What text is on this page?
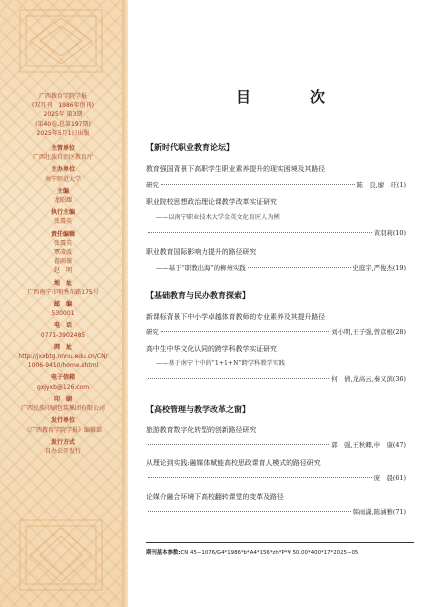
广西教育学院学报
(双月刊　1986年创刊)
2025年 第3期
(第40卷,总第197期)
2025年5月1日出版
主管单位
广西壮族自治区教育厅
主办单位
南宁师范大学
主编
龙昭耀
执行主编
张震英
责任编辑
张震英
覃凌波
翟雨薇
赵　明
地　址
广西南宁市明秀东路175号
邮　编
530001
电　话
0771-3902485
网　址
http://jxxbtg.nnnu.edu.cn/CN/
1006-9410/home.shtml
电子信箱
gxjyxb@126.com
印　刷
广西民族印刷包装集团有限公司
发行单位
《广西教育学院学报》编辑部
发行方式
自办公开发行
目　次
【新时代职业教育论坛】
教育强国背景下高职学生职业素养提升的现实困境及其路径
研究	陈　良,廖　玨(1)
职业院校思想政治理论课教学改革实证研究
——以南宁职业技术大学金英文化育匠人为例
黄羽莉(10)
职业教育国际影响力提升的路径研究
——基于“职教出海”的柳州实践	史庭宇,严俊杰(19)
【基础教育与民办教育探索】
新课标背景下中小学卓越体育教师的专业素养及其提升路径
研究	刘小明,王子强,曾彦根(28)
高中生中华文化认同的跨学科教学实证研究
——基于南宁十中的“1+1+N”跨学科教学实践
何　倩,龙高云,秦又滨(36)
【高校管理与教学改革之窗】
旅游教育数字化转型的创新路径研究
郭　强,王秋卿,申　康(47)
从理论到实践:融媒体赋能高校思政课育人模式的路径研究
庞　晨(61)
论媒介融合环境下高校翻转课堂的变革及路径
韩雨潇,陈涵雅(71)
期刊基本参数:CN 45−1076/G4*1986*b*A4*156*zh*P*¥ 50.00*400*17*2025−05
